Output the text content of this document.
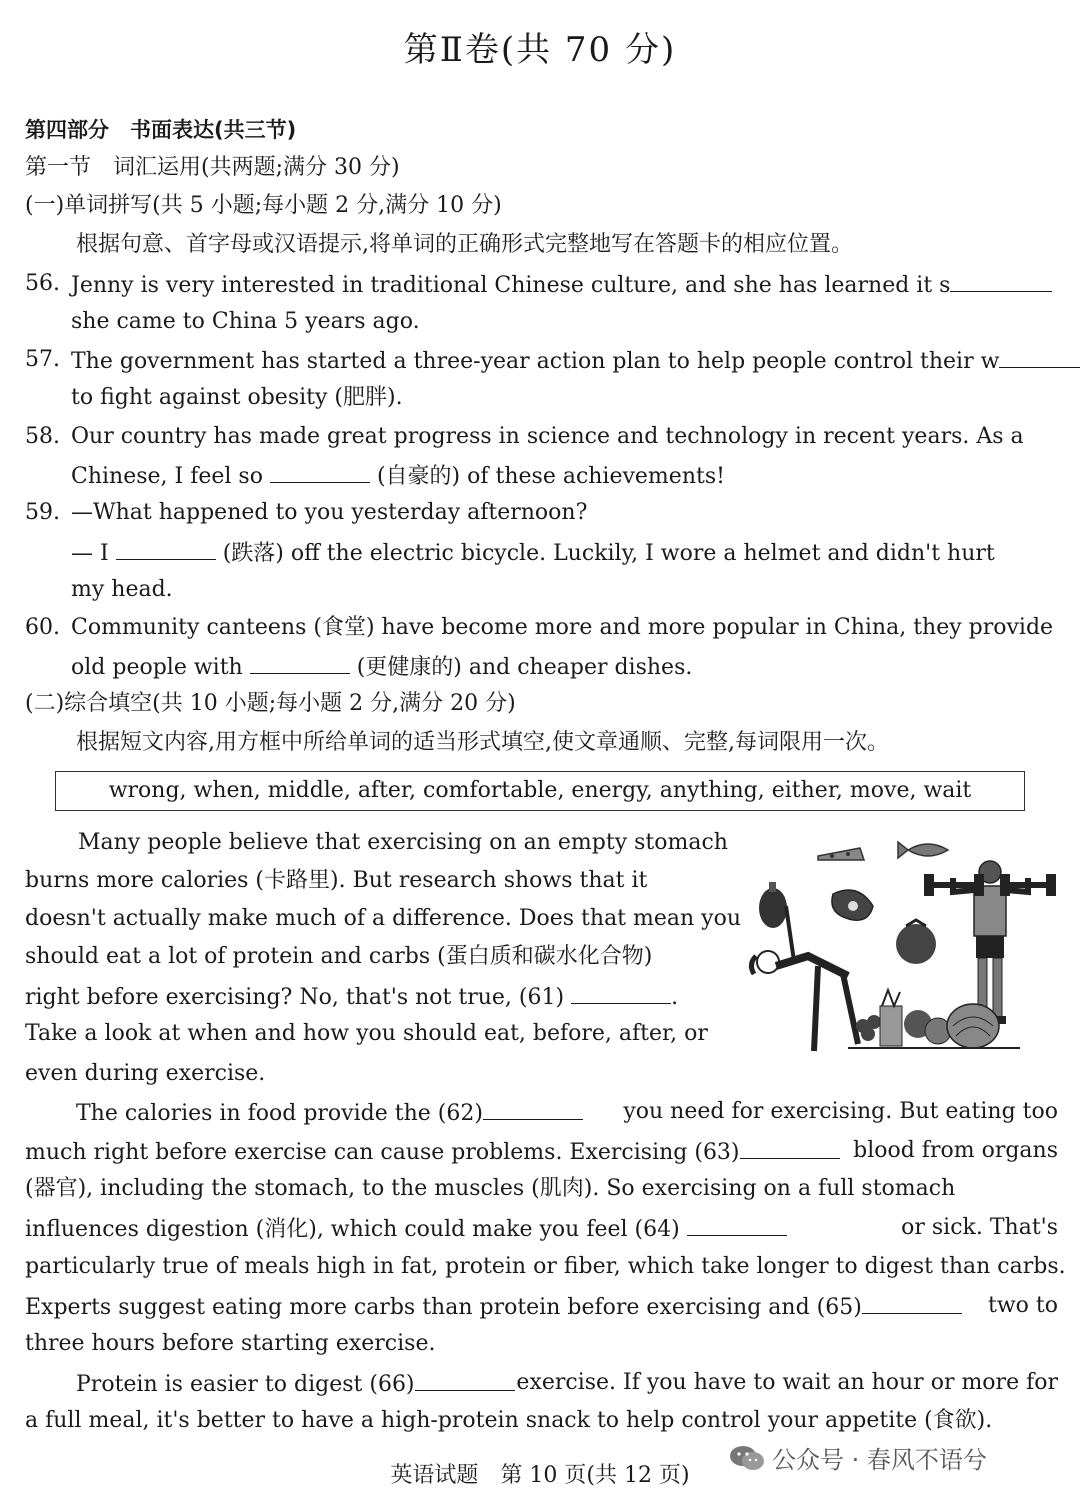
第Ⅱ卷(共 70 分)
第四部分　书面表达(共三节)
第一节　词汇运用(共两题;满分 30 分)
(一)单词拼写(共 5 小题;每小题 2 分,满分 10 分)
根据句意、首字母或汉语提示,将单词的正确形式完整地写在答题卡的相应位置。
56. Jenny is very interested in traditional Chinese culture, and she has learned it s
she came to China 5 years ago.
57. The government has started a three-year action plan to help people control their w
to fight against obesity (肥胖).
58. Our country has made great progress in science and technology in recent years. As a
Chinese, I feel so	(自豪的) of these achievements!
59. —What happened to you yesterday afternoon?
— I	(跌落) off the electric bicycle. Luckily, I wore a helmet and didn't hurt
my head.
60. Community canteens (食堂) have become more and more popular in China, they provide
old people with	(更健康的) and cheaper dishes.
(二)综合填空(共 10 小题;每小题 2 分,满分 20 分)
根据短文内容,用方框中所给单词的适当形式填空,使文章通顺、完整,每词限用一次。
wrong, when, middle, after, comfortable, energy, anything, either, move, wait
Many people believe that exercising on an empty stomach
burns more calories (卡路里). But research shows that it
doesn't actually make much of a difference. Does that mean you
should eat a lot of protein and carbs (蛋白质和碳水化合物)
right before exercising? No, that's not true, (61)	.
Take a look at when and how you should eat, before, after, or
even during exercise.
The calories in food provide the (62)	you need for exercising. But eating too
much right before exercise can cause problems. Exercising (63)	blood from organs
(器官), including the stomach, to the muscles (肌肉). So exercising on a full stomach
influences digestion (消化), which could make you feel (64)	or sick. That's
particularly true of meals high in fat, protein or fiber, which take longer to digest than carbs.
Experts suggest eating more carbs than protein before exercising and (65)	two to
three hours before starting exercise.
Protein is easier to digest (66)	exercise. If you have to wait an hour or more for
a full meal, it's better to have a high-protein snack to help control your appetite (食欲).
英语试题　第 10 页(共 12 页)
公众号 · 春风不语兮
